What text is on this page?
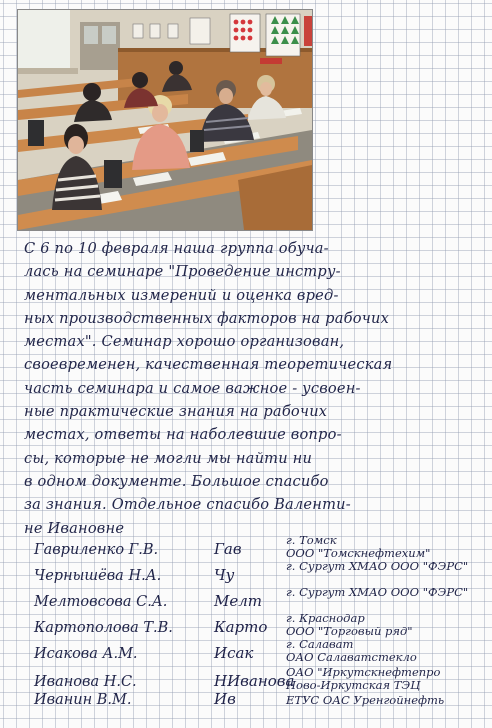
С 6 по 10 февраля наша группа обуча-
лась на семинаре "Проведение инстру-
ментальных измерений и оценка вред-
ных производственных факторов на рабочих
местах". Семинар хорошо организован,
своевременен, качественная теоретическая
часть семинара и самое важное - усвоен-
ные практические знания на рабочих
местах, ответы на наболевшие вопро-
сы, которые не могли мы найти ни
в одном документе. Большое спасибо
за знания. Отдельное спасибо Валенти-
не Ивановне
Гавриленко Г.В.	Гав	г. Томск
ООО "Томскнефтехим"
Чернышёва Н.А.	Чу	г. Сургут ХМАО ООО "ФЭРС"
Мелтовсова С.А.	Мелт г. Сургут ХМАО ООО "ФЭРС"
Картополова Т.В.	Карто г. Краснодар
ООО "Торговый ряд"
Исакова А.М.	Исак	г. Салават
ОАО Салаватстекло
Иванова Н.С.	НИванова
ОАО "Иркутскнефтепро
Ново-Иркутская ТЭЦ
Иванин В.М.	Ив	ЕТУС ОАС Уренгойнефть
